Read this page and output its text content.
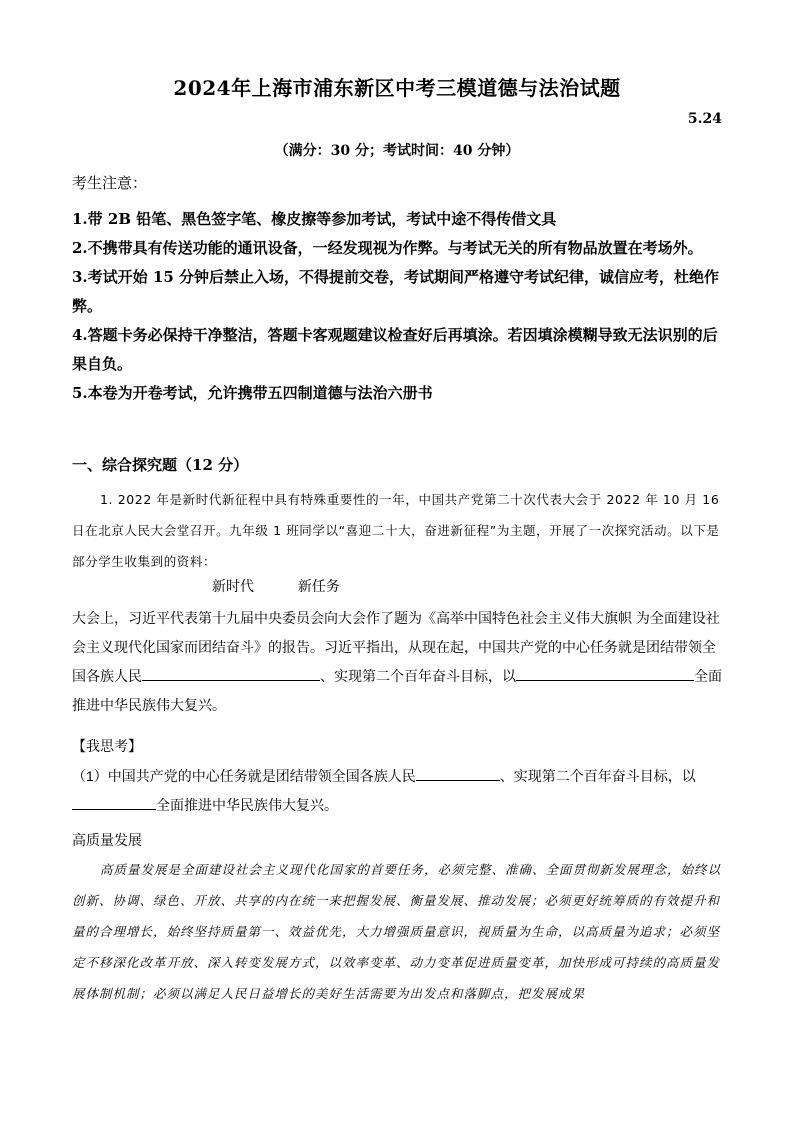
2024年上海市浦东新区中考三模道德与法治试题
5.24
（满分：30 分；考试时间：40 分钟）
考生注意：
1.带 2B 铅笔、黑色签字笔、橡皮擦等参加考试，考试中途不得传借文具
2.不携带具有传送功能的通讯设备，一经发现视为作弊。与考试无关的所有物品放置在考场外。
3.考试开始 15 分钟后禁止入场，不得提前交卷，考试期间严格遵守考试纪律，诚信应考，杜绝作弊。
4.答题卡务必保持干净整洁，答题卡客观题建议检查好后再填涂。若因填涂模糊导致无法识别的后果自负。
5.本卷为开卷考试，允许携带五四制道德与法治六册书
一、综合探究题（12 分）
1. 2022 年是新时代新征程中具有特殊重要性的一年，中国共产党第二十次代表大会于 2022 年 10 月 16 日在北京人民大会堂召开。九年级 1 班同学以“喜迎二十大，奋进新征程”为主题，开展了一次探究活动。以下是部分学生收集到的资料：
新时代	新任务
大会上，习近平代表第十九届中央委员会向大会作了题为《高举中国特色社会主义伟大旗帜 为全面建设社会主义现代化国家而团结奋斗》的报告。习近平指出，从现在起，中国共产党的中心任务就是团结带领全国各族人民	、实现第二个百年奋斗目标，以	全面推进中华民族伟大复兴。
【我思考】
（1）中国共产党的中心任务就是团结带领全国各族人民	、实现第二个百年奋斗目标，以
全面推进中华民族伟大复兴。
高质量发展
高质量发展是全面建设社会主义现代化国家的首要任务，必须完整、准确、全面贯彻新发展理念，始终以创新、协调、绿色、开放、共享的内在统一来把握发展、衡量发展、推动发展；必须更好统筹质的有效提升和量的合理增长，始终坚持质量第一、效益优先，大力增强质量意识，视质量为生命，以高质量为追求；必须坚定不移深化改革开放、深入转变发展方式，以效率变革、动力变革促进质量变革，加快形成可持续的高质量发展体制机制；必须以满足人民日益增长的美好生活需要为出发点和落脚点，把发展成果
